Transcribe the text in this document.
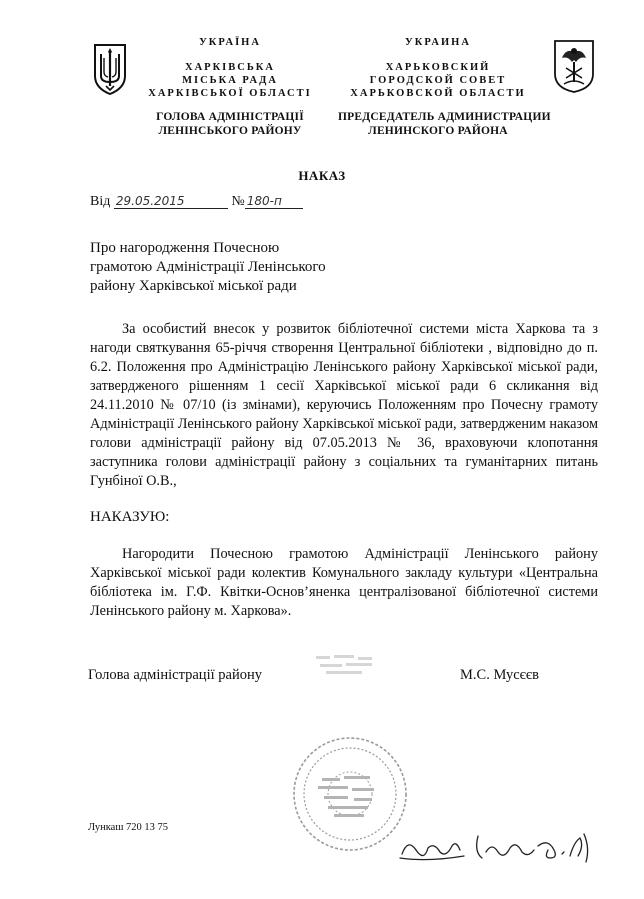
УКРАЇНА
ХАРКІВСЬКА
МІСЬКА РАДА
ХАРКІВСЬКОЇ ОБЛАСТІ
ГОЛОВА АДМІНІСТРАЦІЇ
ЛЕНІНСЬКОГО РАЙОНУ
УКРАИНА
ХАРЬКОВСКИЙ
ГОРОДСКОЙ СОВЕТ
ХАРЬКОВСКОЙ ОБЛАСТИ
ПРЕДСЕДАТЕЛЬ АДМИНИСТРАЦИИ
ЛЕНИНСКОГО РАЙОНА
НАКАЗ
Від 29.05.2015	№ 180-п
Про нагородження Почесною
грамотою Адміністрації Ленінського
району Харківської міської ради
За особистий внесок у розвиток бібліотечної системи міста Харкова та з нагоди святкування 65-річчя створення Центральної бібліотеки , відповідно до п. 6.2. Положення про Адміністрацію Ленінського району Харківської міської ради, затвердженого рішенням 1 сесії Харківської міської ради 6 скликання від 24.11.2010 № 07/10 (із змінами), керуючись Положенням про Почесну грамоту Адміністрації Ленінського району Харківської міської ради, затвердженим наказом голови адміністрації району від 07.05.2013 № 36, враховуючи клопотання заступника голови адміністрації району з соціальних та гуманітарних питань Гунбіної О.В.,
НАКАЗУЮ:
Нагородити Почесною грамотою Адміністрації Ленінського району Харківської міської ради колектив Комунального закладу культури «Центральна бібліотека ім. Г.Ф. Квітки-Основ’яненка централізованої бібліотечної системи Ленінського району м. Харкова».
Голова адміністрації району	М.С. Мусєєв
Лункаш 720 13 75
